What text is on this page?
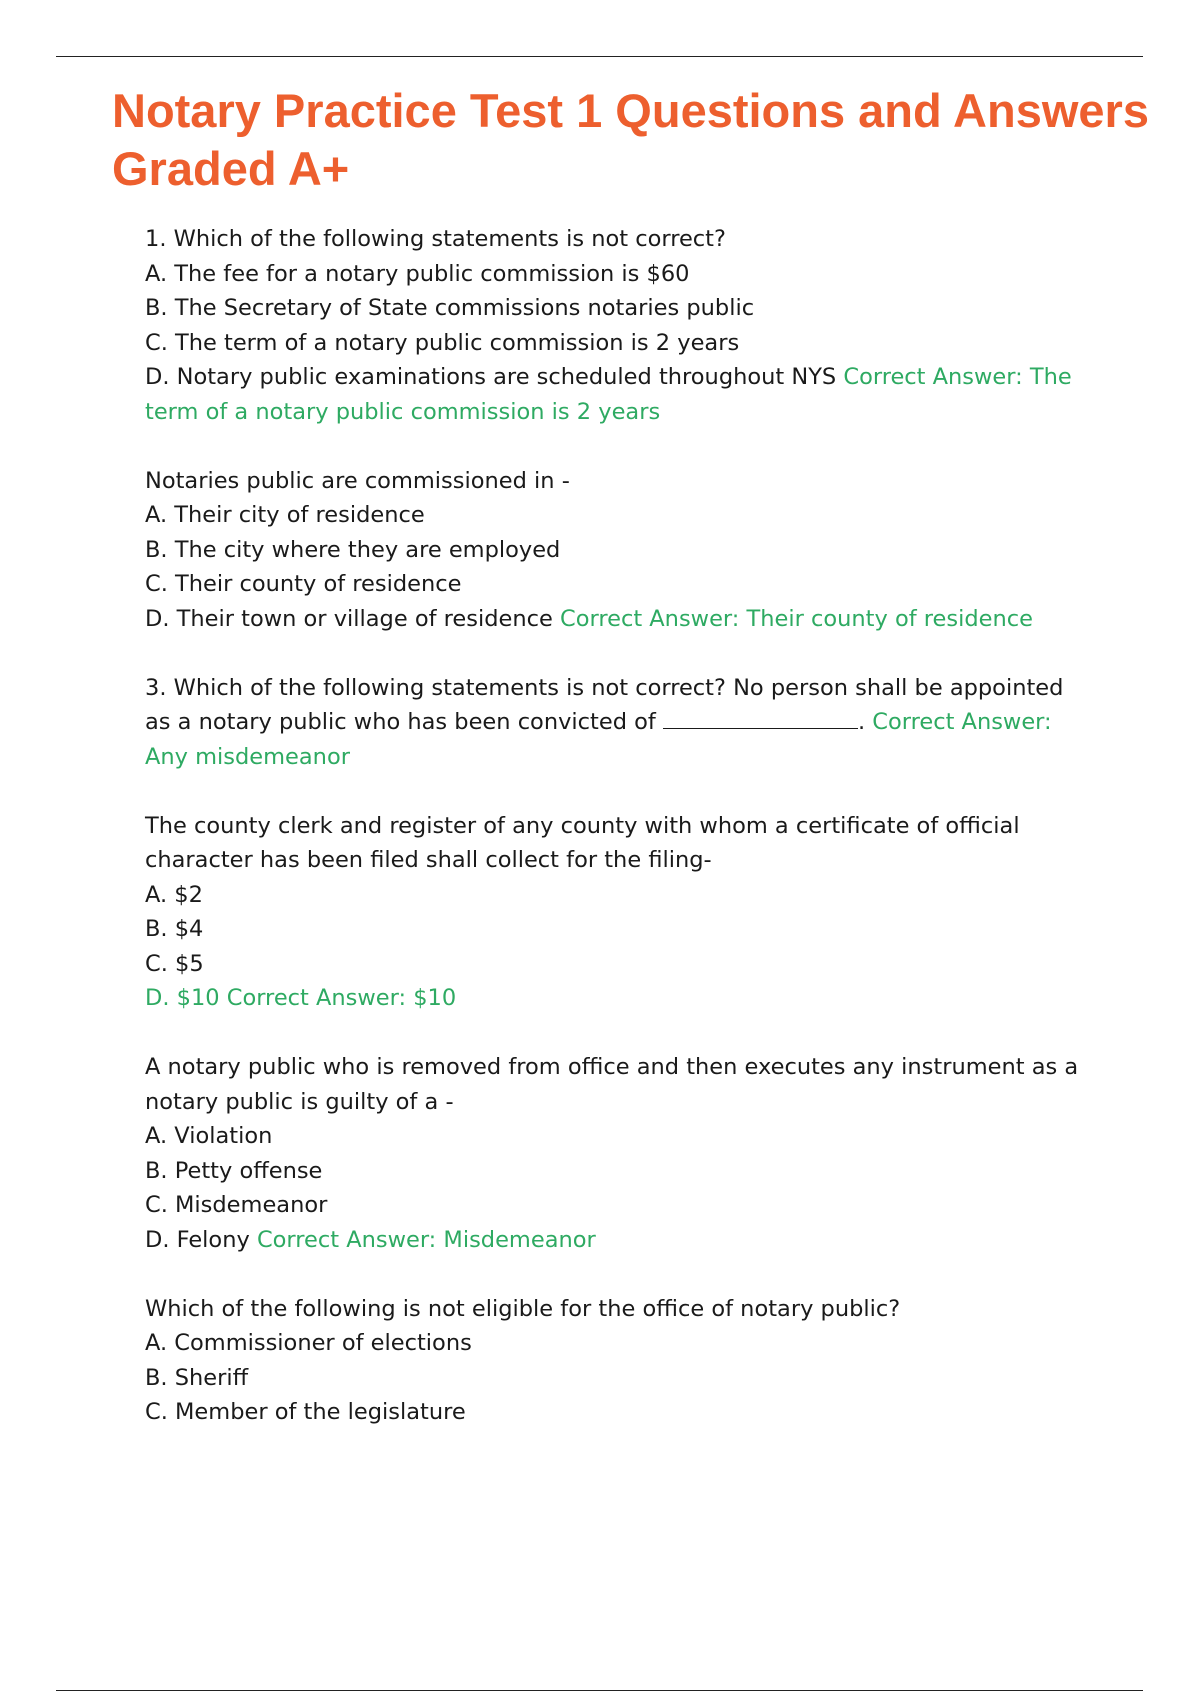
Notary Practice Test 1 Questions and Answers Graded A+
1. Which of the following statements is not correct?
A. The fee for a notary public commission is $60
B. The Secretary of State commissions notaries public
C. The term of a notary public commission is 2 years
D. Notary public examinations are scheduled throughout NYS Correct Answer: The term of a notary public commission is 2 years
Notaries public are commissioned in -
A. Their city of residence
B. The city where they are employed
C. Their county of residence
D. Their town or village of residence Correct Answer: Their county of residence
3. Which of the following statements is not correct? No person shall be appointed as a notary public who has been convicted of	. Correct Answer: Any misdemeanor
The county clerk and register of any county with whom a certificate of official character has been filed shall collect for the filing-
A. $2
B. $4
C. $5
D. $10 Correct Answer: $10
A notary public who is removed from office and then executes any instrument as a notary public is guilty of a -
A. Violation
B. Petty offense
C. Misdemeanor
D. Felony Correct Answer: Misdemeanor
Which of the following is not eligible for the office of notary public?
A. Commissioner of elections
B. Sheriff
C. Member of the legislature
